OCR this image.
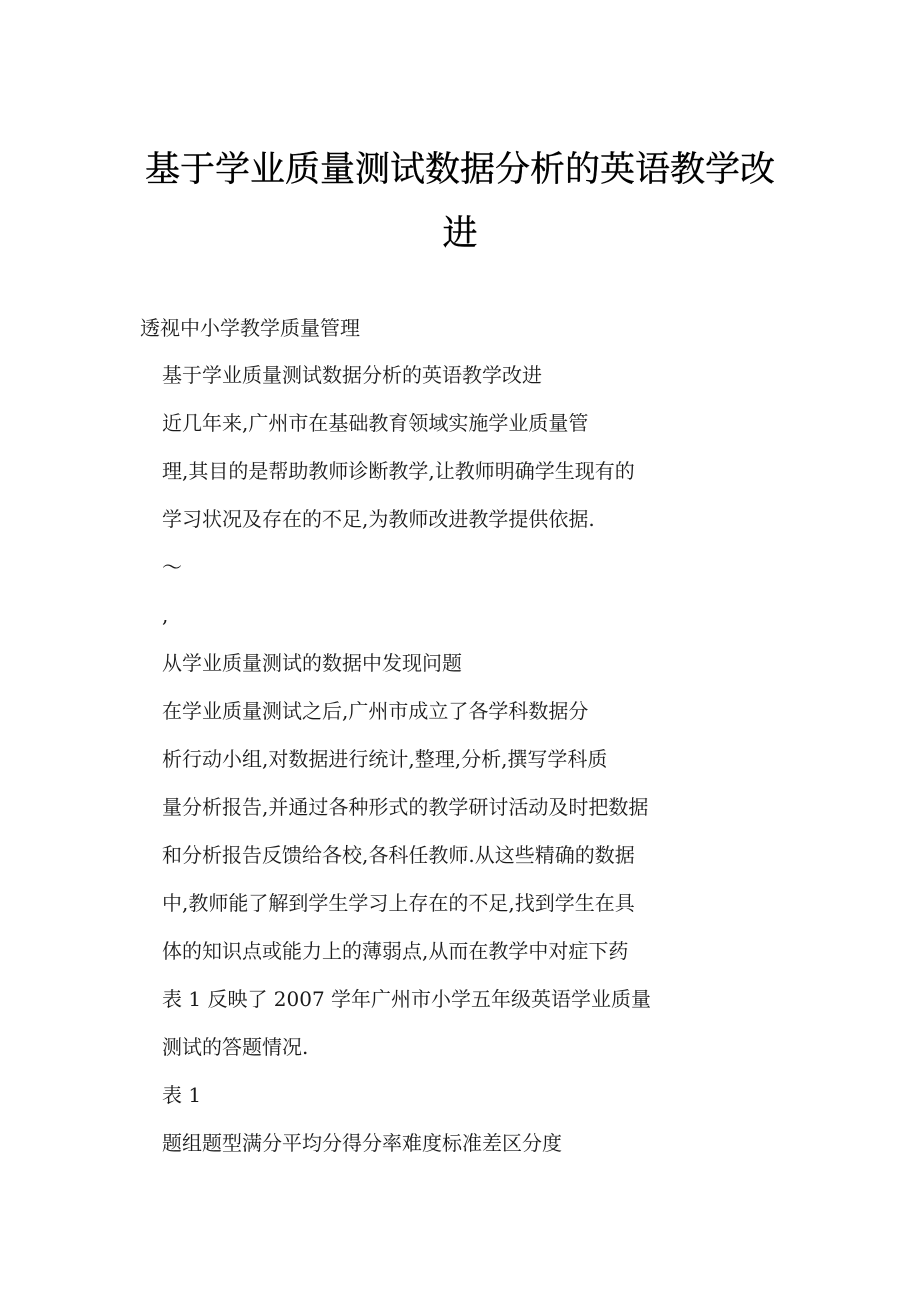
基于学业质量测试数据分析的英语教学改
进
透视中小学教学质量管理
基于学业质量测试数据分析的英语教学改进
近几年来,广州市在基础教育领域实施学业质量管
理,其目的是帮助教师诊断教学,让教师明确学生现有的
学习状况及存在的不足,为教师改进教学提供依据.
～
,
从学业质量测试的数据中发现问题
在学业质量测试之后,广州市成立了各学科数据分
析行动小组,对数据进行统计,整理,分析,撰写学科质
量分析报告,并通过各种形式的教学研讨活动及时把数据
和分析报告反馈给各校,各科任教师.从这些精确的数据
中,教师能了解到学生学习上存在的不足,找到学生在具
体的知识点或能力上的薄弱点,从而在教学中对症下药
表 1 反映了 2007 学年广州市小学五年级英语学业质量
测试的答题情况.
表 1
题组题型满分平均分得分率难度标准差区分度
